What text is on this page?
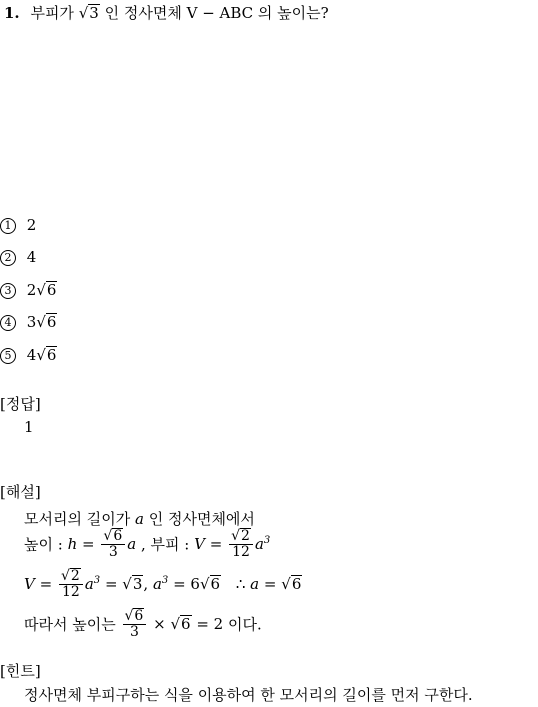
1. 부피가 √3 인 정사면체 V − ABC 의 높이는?
1 2
2 4
3 2√6
4 3√6
5 4√6
[정답]
1
[해설]
모서리의 길이가 a 인 정사면체에서
높이 : $h = \frac{√6}{3}$ a , 부피 : $V = \frac{√2}{12} a^3$
$V = \frac{√2}{12} a^3 = √3$, $a^3 = 6√6$ ∴ a = √6
따라서 높이는 $\frac{√6}{3} \times √6 = 2$ 이다.
[힌트]
정사면체 부피구하는 식을 이용하여 한 모서리의 길이를 먼저 구한다.
